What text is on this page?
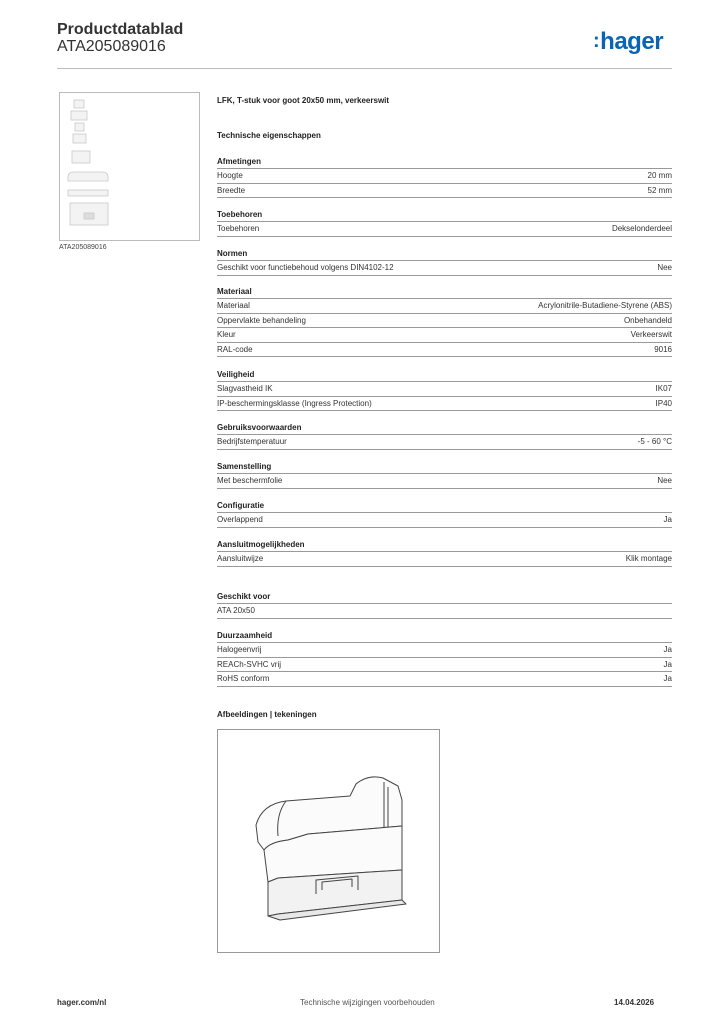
Productdatablad
ATA205089016	:hager
ATA205089016
LFK, T-stuk voor goot 20x50 mm, verkeerswit
Technische eigenschappen
Afmetingen
Hoogte	20 mm
Breedte	52 mm
Toebehoren
Toebehoren	Dekselonderdeel
Normen
Geschikt voor functiebehoud volgens DIN4102-12	Nee
Materiaal
Materiaal	Acrylonitrile-Butadiene-Styrene (ABS)
Oppervlakte behandeling	Onbehandeld
Kleur	Verkeerswit
RAL-code	9016
Veiligheid
Slagvastheid IK	IK07
IP-beschermingsklasse (Ingress Protection)	IP40
Gebruiksvoorwaarden
Bedrijfstemperatuur	-5 - 60 °C
Samenstelling
Met beschermfolie	Nee
Configuratie
Overlappend	Ja
Aansluitmogelijkheden
Aansluitwijze	Klik montage
Geschikt voor
ATA 20x50
Duurzaamheid
Halogeenvrij	Ja
REACh-SVHC vrij	Ja
RoHS conform	Ja
Afbeeldingen | tekeningen
hager.com/nl	Technische wijzigingen voorbehouden	14.04.2026
